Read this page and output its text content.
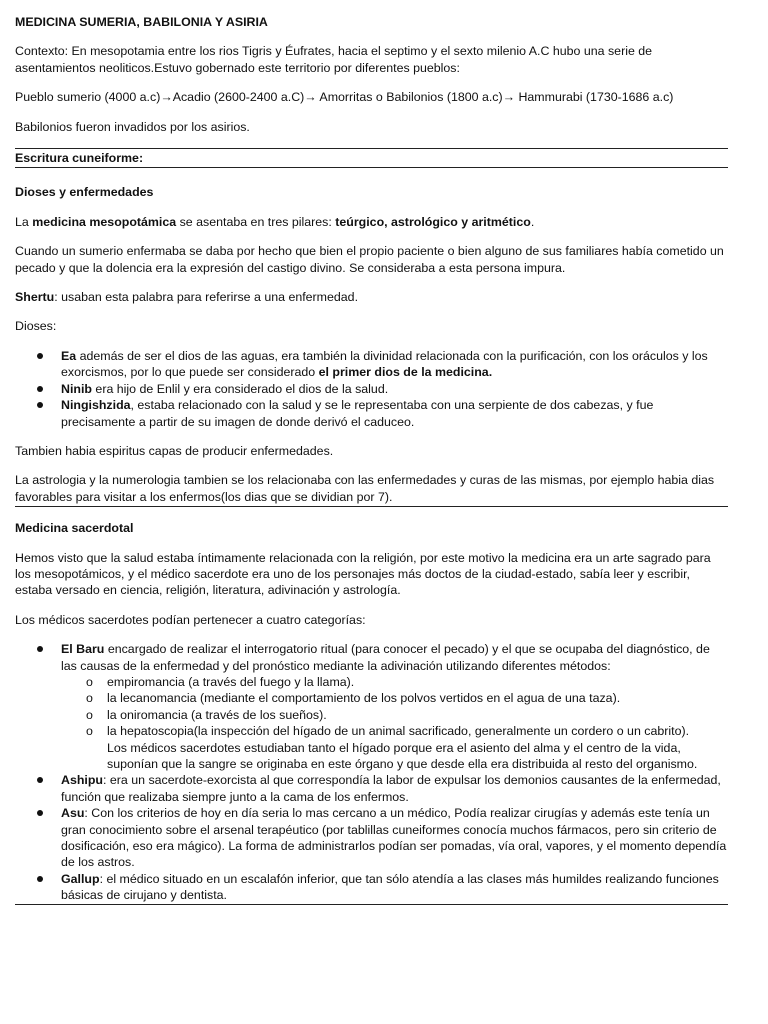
MEDICINA SUMERIA, BABILONIA Y ASIRIA

Contexto: En mesopotamia entre los rios Tigris y Éufrates, hacia el septimo y el sexto milenio A.C hubo una serie de asentamientos neoliticos.Estuvo gobernado este territorio por diferentes pueblos:

Pueblo sumerio (4000 a.c)→Acadio (2600-2400 a.C)→ Amorritas o Babilonios (1800 a.c)→ Hammurabi (1730-1686 a.c)

Babilonios fueron invadidos por los asirios.

Escritura cuneiforme:

Dioses y enfermedades

La medicina mesopotámica se asentaba en tres pilares: teúrgico, astrológico y aritmético.

Cuando un sumerio enfermaba se daba por hecho que bien el propio paciente o bien alguno de sus familiares había cometido un pecado y que la dolencia era la expresión del castigo divino. Se consideraba a esta persona impura.

Shertu: usaban esta palabra para referirse a una enfermedad.

Dioses:

Ea además de ser el dios de las aguas, era también la divinidad relacionada con la purificación, con los oráculos y los exorcismos, por lo que puede ser considerado el primer dios de la medicina.
Ninib era hijo de Enlil y era considerado el dios de la salud.
Ningishzida, estaba relacionado con la salud y se le representaba con una serpiente de dos cabezas, y fue precisamente a partir de su imagen de donde derivó el caduceo.

Tambien habia espiritus capas de producir enfermedades.

La astrologia y la numerologia tambien se los relacionaba con las enfermedades y curas de las mismas, por ejemplo habia dias favorables para visitar a los enfermos(los dias que se dividian por 7).

Medicina sacerdotal

Hemos visto que la salud estaba íntimamente relacionada con la religión, por este motivo la medicina era un arte sagrado para los mesopotámicos, y el médico sacerdote era uno de los personajes más doctos de la ciudad-estado, sabía leer y escribir, estaba versado en ciencia, religión, literatura, adivinación y astrología.

Los médicos sacerdotes podían pertenecer a cuatro categorías:

El Baru encargado de realizar el interrogatorio ritual (para conocer el pecado) y el que se ocupaba del diagnóstico, de las causas de la enfermedad y del pronóstico mediante la adivinación utilizando diferentes métodos:
o empiromancia (a través del fuego y la llama).
o la lecanomancia (mediante el comportamiento de los polvos vertidos en el agua de una taza).
o la oniromancia (a través de los sueños).
o la hepatoscopia(la inspección del hígado de un animal sacrificado, generalmente un cordero o un cabrito).

Los médicos sacerdotes estudiaban tanto el hígado porque era el asiento del alma y el centro de la vida, suponían que la sangre se originaba en este órgano y que desde ella era distribuida al resto del organismo.

Ashipu: era un sacerdote-exorcista al que correspondía la labor de expulsar los demonios causantes de la enfermedad, función que realizaba siempre junto a la cama de los enfermos.
Asu: Con los criterios de hoy en día seria lo mas cercano a un médico, Podía realizar cirugías y además este tenía un gran conocimiento sobre el arsenal terapéutico (por tablillas cuneiformes conocía muchos fármacos, pero sin criterio de dosificación, eso era mágico). La forma de administrarlos podían ser pomadas, vía oral, vapores, y el momento dependía de los astros.
Gallup: el médico situado en un escalafón inferior, que tan sólo atendía a las clases más humildes realizando funciones básicas de cirujano y dentista.
